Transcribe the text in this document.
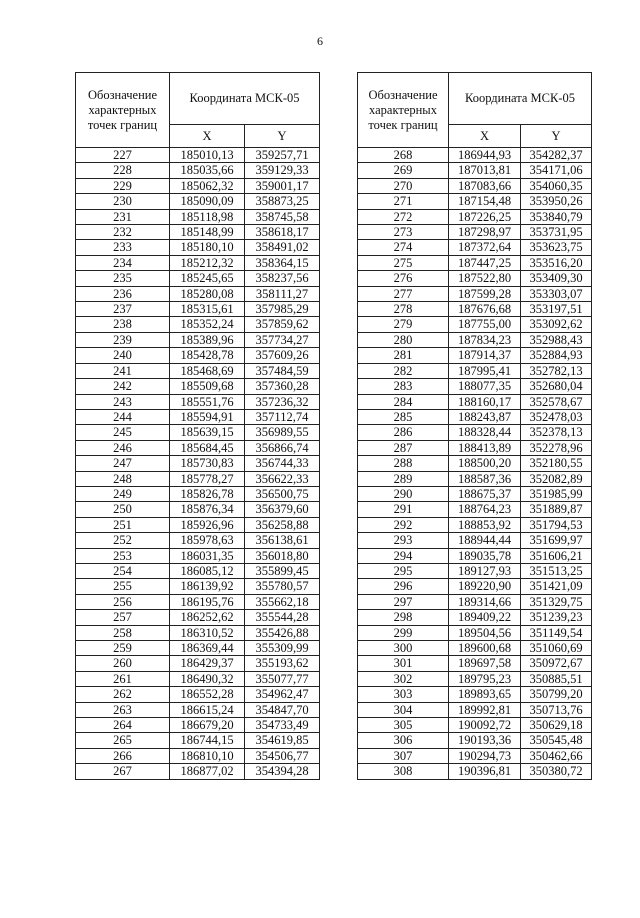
6
Обозначение характерных точек границ	Координата МСК-05	
	X	Y
227	185010,13	359257,71
228	185035,66	359129,33
229	185062,32	359001,17
230	185090,09	358873,25
231	185118,98	358745,58
232	185148,99	358618,17
233	185180,10	358491,02
234	185212,32	358364,15
235	185245,65	358237,56
236	185280,08	358111,27
237	185315,61	357985,29
238	185352,24	357859,62
239	185389,96	357734,27
240	185428,78	357609,26
241	185468,69	357484,59
242	185509,68	357360,28
243	185551,76	357236,32
244	185594,91	357112,74
245	185639,15	356989,55
246	185684,45	356866,74
247	185730,83	356744,33
248	185778,27	356622,33
249	185826,78	356500,75
250	185876,34	356379,60
251	185926,96	356258,88
252	185978,63	356138,61
253	186031,35	356018,80
254	186085,12	355899,45
255	186139,92	355780,57
256	186195,76	355662,18
257	186252,62	355544,28
258	186310,52	355426,88
259	186369,44	355309,99
260	186429,37	355193,62
261	186490,32	355077,77
262	186552,28	354962,47
263	186615,24	354847,70
264	186679,20	354733,49
265	186744,15	354619,85
266	186810,10	354506,77
267	186877,02	354394,28
Обозначение характерных точек границ	Координата МСК-05	
	X	Y
268	186944,93	354282,37
269	187013,81	354171,06
270	187083,66	354060,35
271	187154,48	353950,26
272	187226,25	353840,79
273	187298,97	353731,95
274	187372,64	353623,75
275	187447,25	353516,20
276	187522,80	353409,30
277	187599,28	353303,07
278	187676,68	353197,51
279	187755,00	353092,62
280	187834,23	352988,43
281	187914,37	352884,93
282	187995,41	352782,13
283	188077,35	352680,04
284	188160,17	352578,67
285	188243,87	352478,03
286	188328,44	352378,13
287	188413,89	352278,96
288	188500,20	352180,55
289	188587,36	352082,89
290	188675,37	351985,99
291	188764,23	351889,87
292	188853,92	351794,53
293	188944,44	351699,97
294	189035,78	351606,21
295	189127,93	351513,25
296	189220,90	351421,09
297	189314,66	351329,75
298	189409,22	351239,23
299	189504,56	351149,54
300	189600,68	351060,69
301	189697,58	350972,67
302	189795,23	350885,51
303	189893,65	350799,20
304	189992,81	350713,76
305	190092,72	350629,18
306	190193,36	350545,48
307	190294,73	350462,66
308	190396,81	350380,72
